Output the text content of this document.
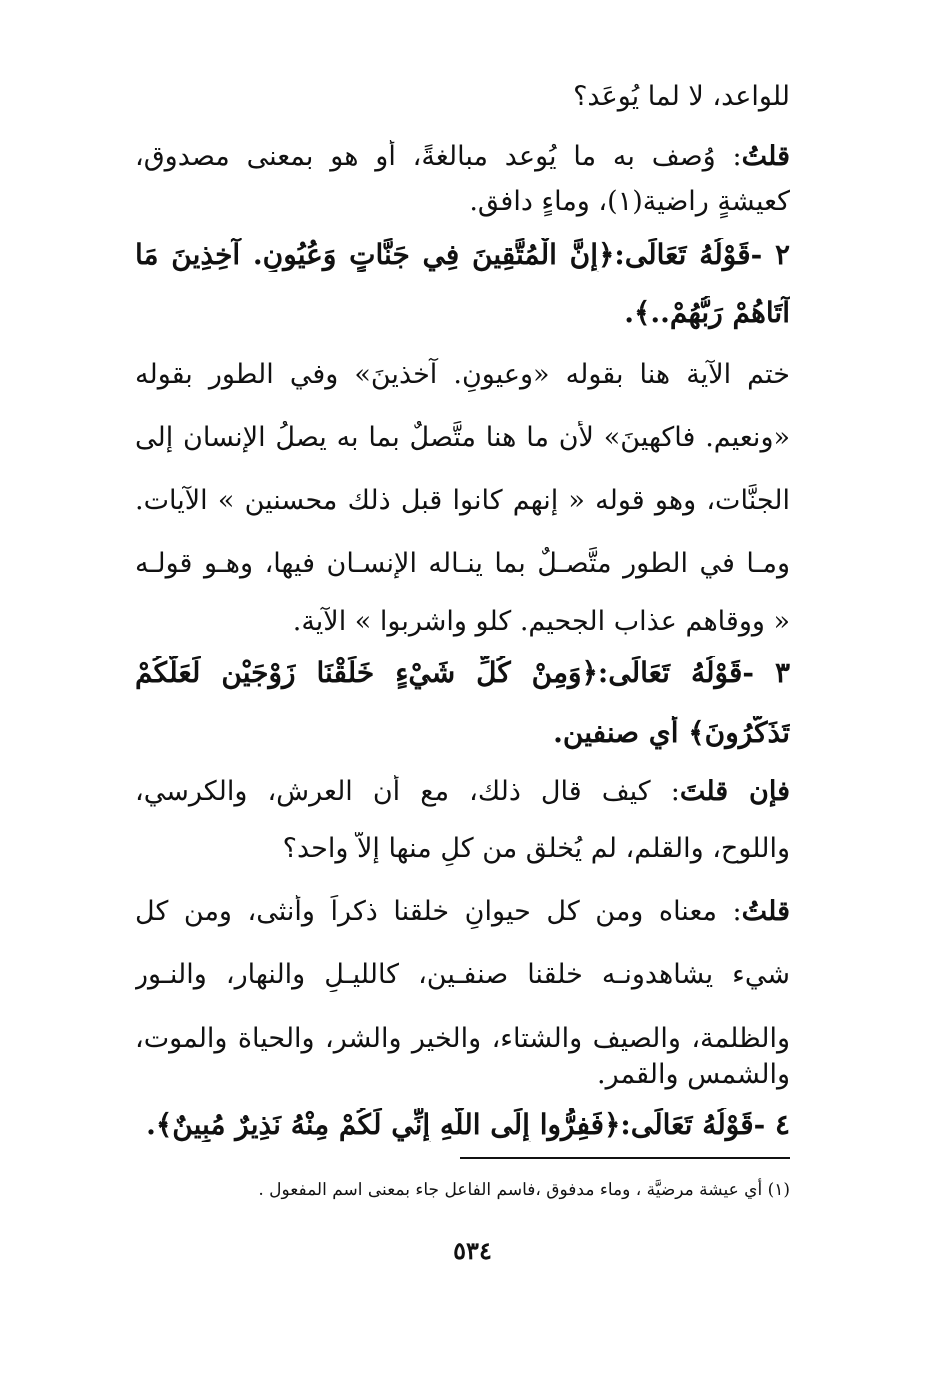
للواعد، لا لما يُوعَد؟
قلتُ: وُصف به ما يُوعد مبالغةً، أو هو بمعنى مصدوق،
كعيشةٍ راضية(١)، وماءٍ دافق.
٢ -قَوْلُهُ تَعَالَى:﴿إِنَّ الْمُتَّقِينَ فِي جَنَّاتٍ وَعُيُونٍ. آخِذِينَ مَا
آتَاهُمْ رَبُّهُمْ..﴾.
ختم الآية هنا بقوله «وعيونٍ. آخذينَ» وفي الطور بقوله
«ونعيم. فاكهينَ» لأن ما هنا متَّصلٌ بما به يصلُ الإنسان إلى
الجنَّات، وهو قوله « إنهم كانوا قبل ذلك محسنين » الآيات.
ومـا في الطور متَّصـلٌ بما ينـاله الإنسـان فيها، وهـو قولـه
« ووقاهم عذاب الجحيم. كلو واشربوا » الآية.
٣ -قَوْلُهُ تَعَالَى:﴿وَمِنْ كُلِّ شَيْءٍ خَلَقْنَا زَوْجَيْنِ لَعَلَّكُمْ
تَذَكَّرُونَ﴾ أي صنفين.
فإن قلتَ: كيف قال ذلك، مع أن العرش، والكرسي،
واللوح، والقلم، لم يُخلق من كلٍ منها إلاَّ واحد؟
قلتُ: معناه ومن كل حيوانٍ خلقنا ذكراً وأنثى، ومن كل
شيء يشاهدونـه خلقنا صنفـين، كالليـلِ والنهار، والنـور
والظلمة، والصيف والشتاء، والخير والشر، والحياة والموت،
والشمس والقمر.
٤ -قَوْلُهُ تَعَالَى:﴿فَفِرُّوا إِلَى اللَّهِ إِنِّي لَكُمْ مِنْهُ نَذِيرٌ مُبِينٌ﴾.
(١) أي عيشة مرضيَّة ، وماء مدفوق ،فاسم الفاعل جاء بمعنى اسم المفعول .
٥٣٤
